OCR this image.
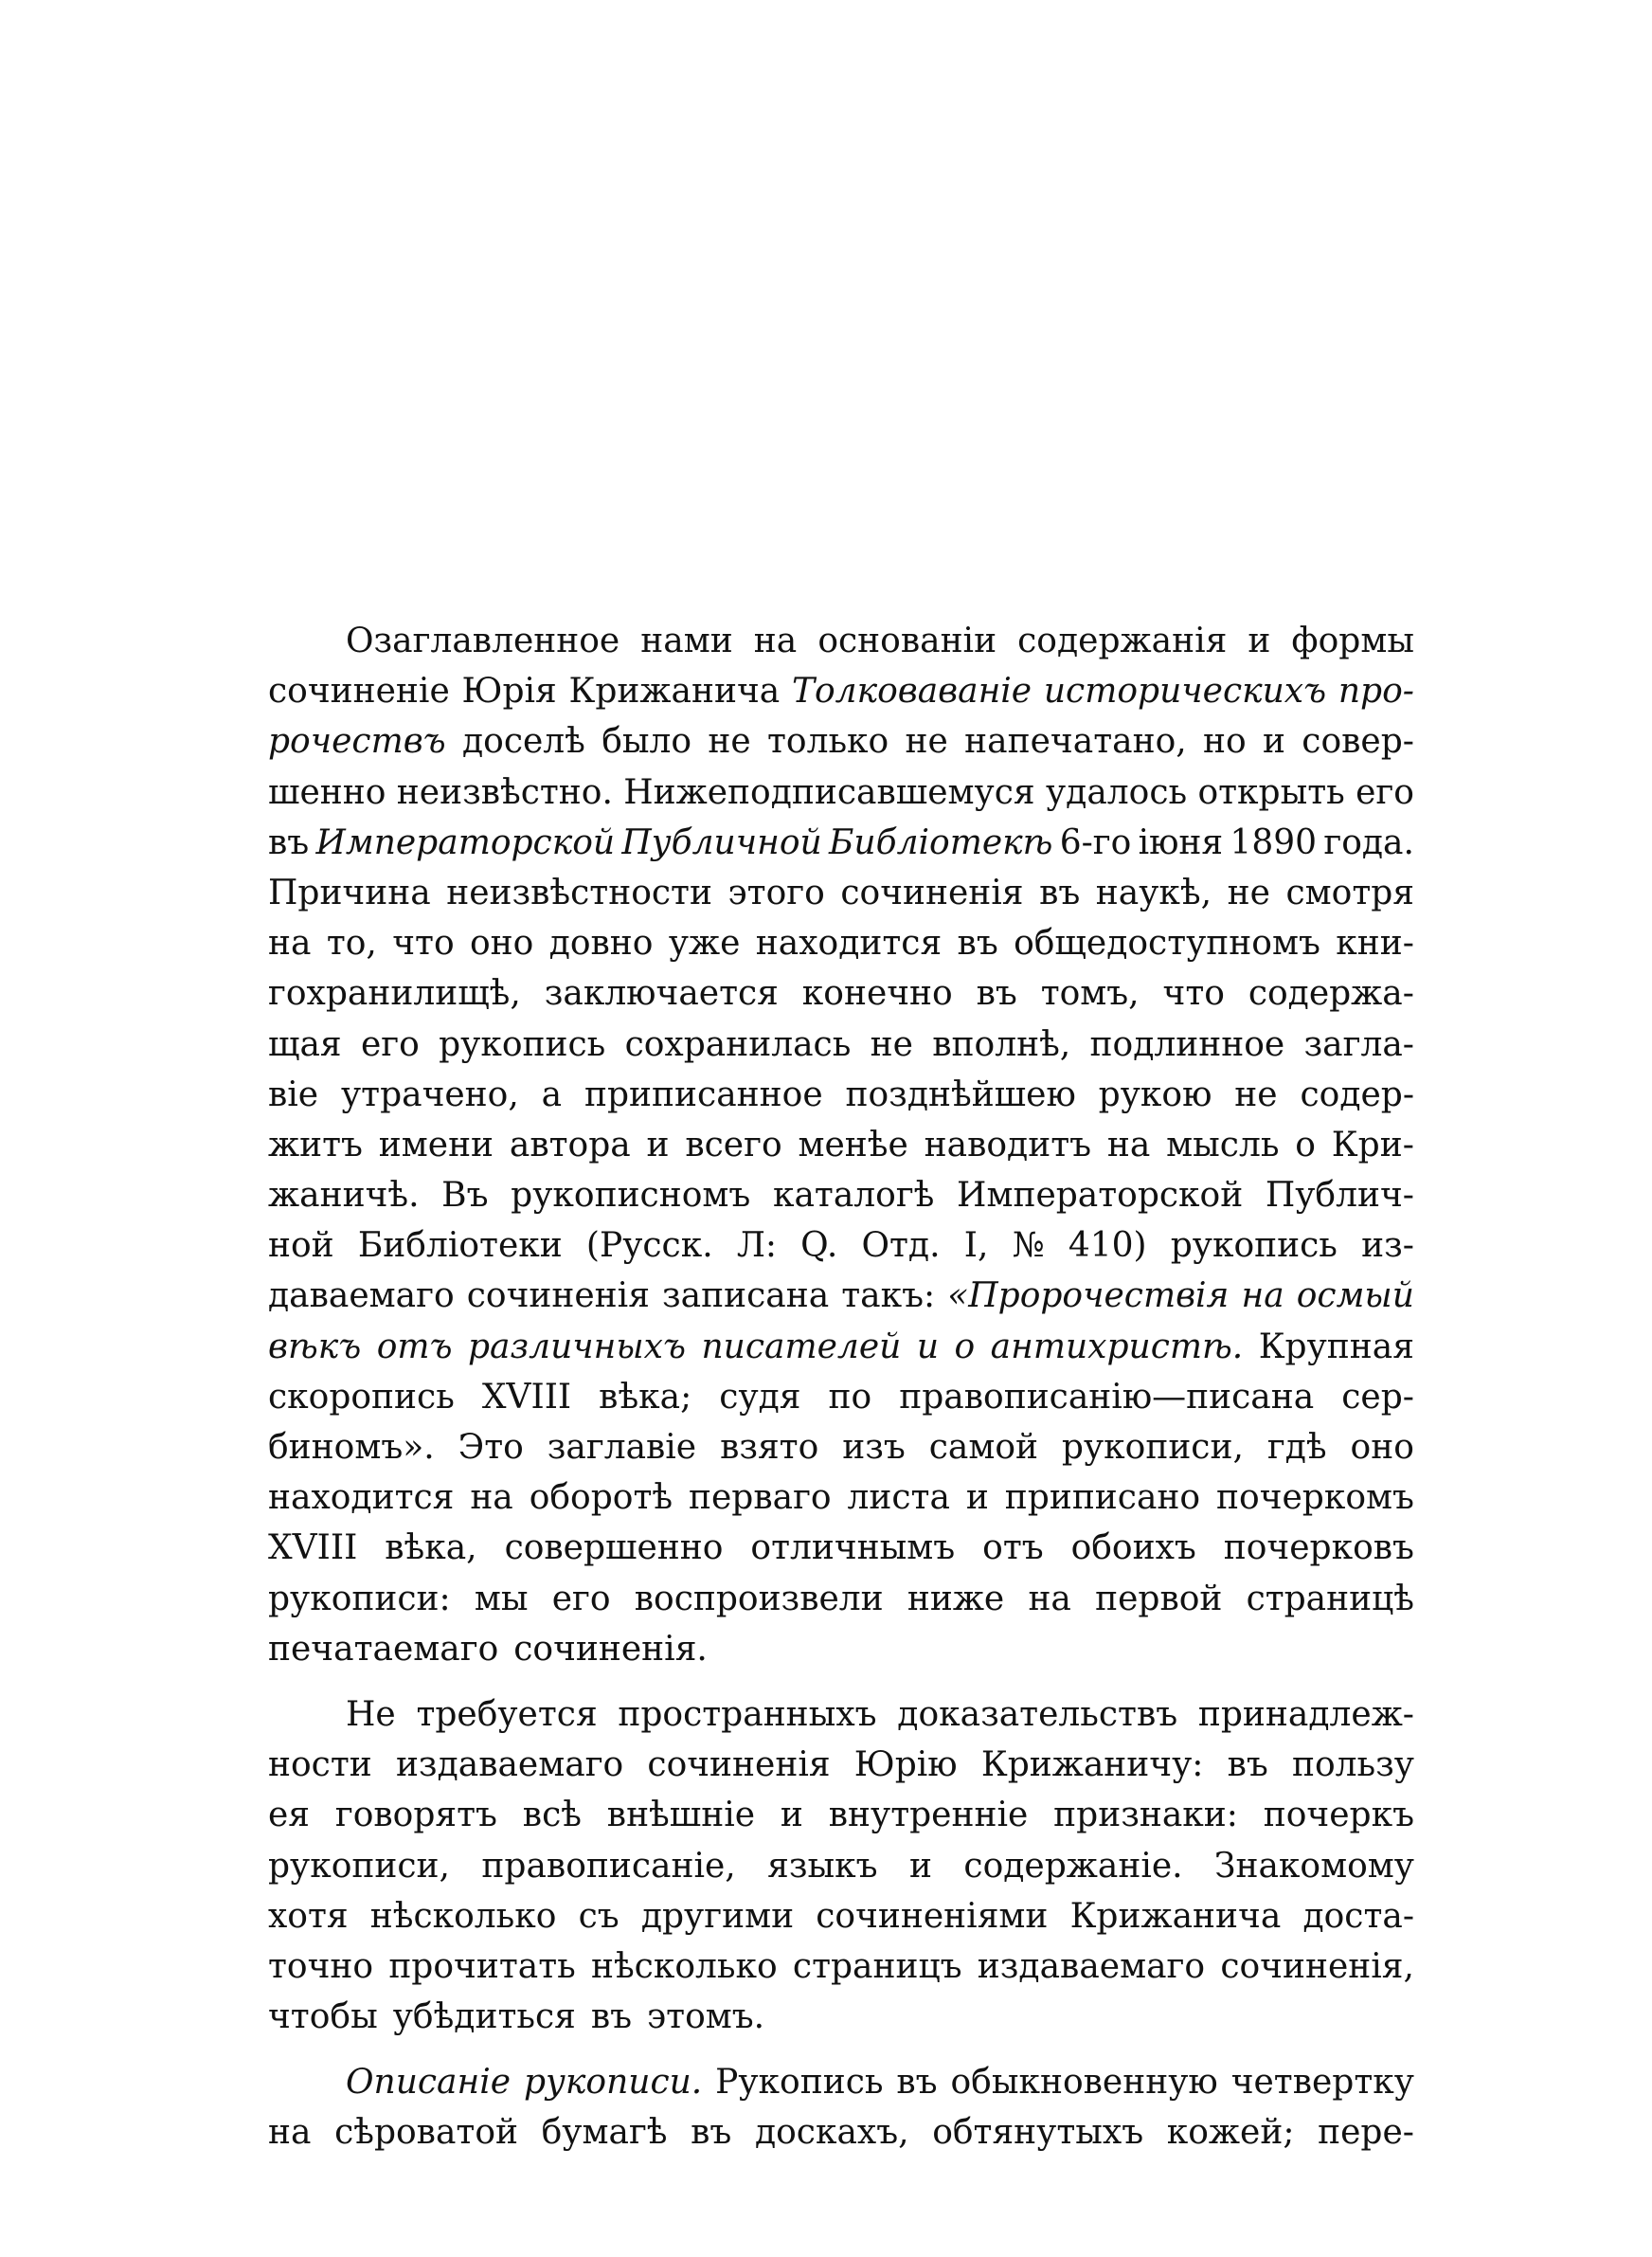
Озаглавленное нами на основаніи содержанія и формы
сочиненіе Юрія Крижанича Толковаваніе историческихъ про-
рочествъ доселѣ было не только не напечатано, но и совер-
шенно неизвѣстно. Нижеподписавшемуся удалось открыть его
въ Императорской Публичной Библіотекѣ 6-го іюня 1890 года.
Причина неизвѣстности этого сочиненія въ наукѣ, не смотря
на то, что оно довно уже находится въ общедоступномъ кни-
гохранилищѣ, заключается конечно въ томъ, что содержа-
щая его рукопись сохранилась не вполнѣ, подлинное загла-
віе утрачено, а приписанное позднѣйшею рукою не содер-
житъ имени автора и всего менѣе наводитъ на мысль о Кри-
жаничѣ. Въ рукописномъ каталогѣ Императорской Публич-
ной Библіотеки (Русск. Л: Q. Отд. I, № 410) рукопись из-
даваемаго сочиненія записана такъ: «Пророчествія на осмый
вѣкъ отъ различныхъ писателей и о антихристѣ. Крупная
скоропись XVIII вѣка; судя по правописанію—писана сер-
биномъ». Это заглавіе взято изъ самой рукописи, гдѣ оно
находится на оборотѣ перваго листа и приписано почеркомъ
XVIII вѣка, совершенно отличнымъ отъ обоихъ почерковъ
рукописи: мы его воспроизвели ниже на первой страницѣ
печатаемаго сочиненія.
Не требуется пространныхъ доказательствъ принадлеж-
ности издаваемаго сочиненія Юрію Крижаничу: въ пользу
ея говорятъ всѣ внѣшніе и внутренніе признаки: почеркъ
рукописи, правописаніе, языкъ и содержаніе. Знакомому
хотя нѣсколько съ другими сочиненіями Крижанича доста-
точно прочитать нѣсколько страницъ издаваемаго сочиненія,
чтобы убѣдиться въ этомъ.
Описаніе рукописи. Рукопись въ обыкновенную четвертку
на сѣроватой бумагѣ въ доскахъ, обтянутыхъ кожей; пере-
